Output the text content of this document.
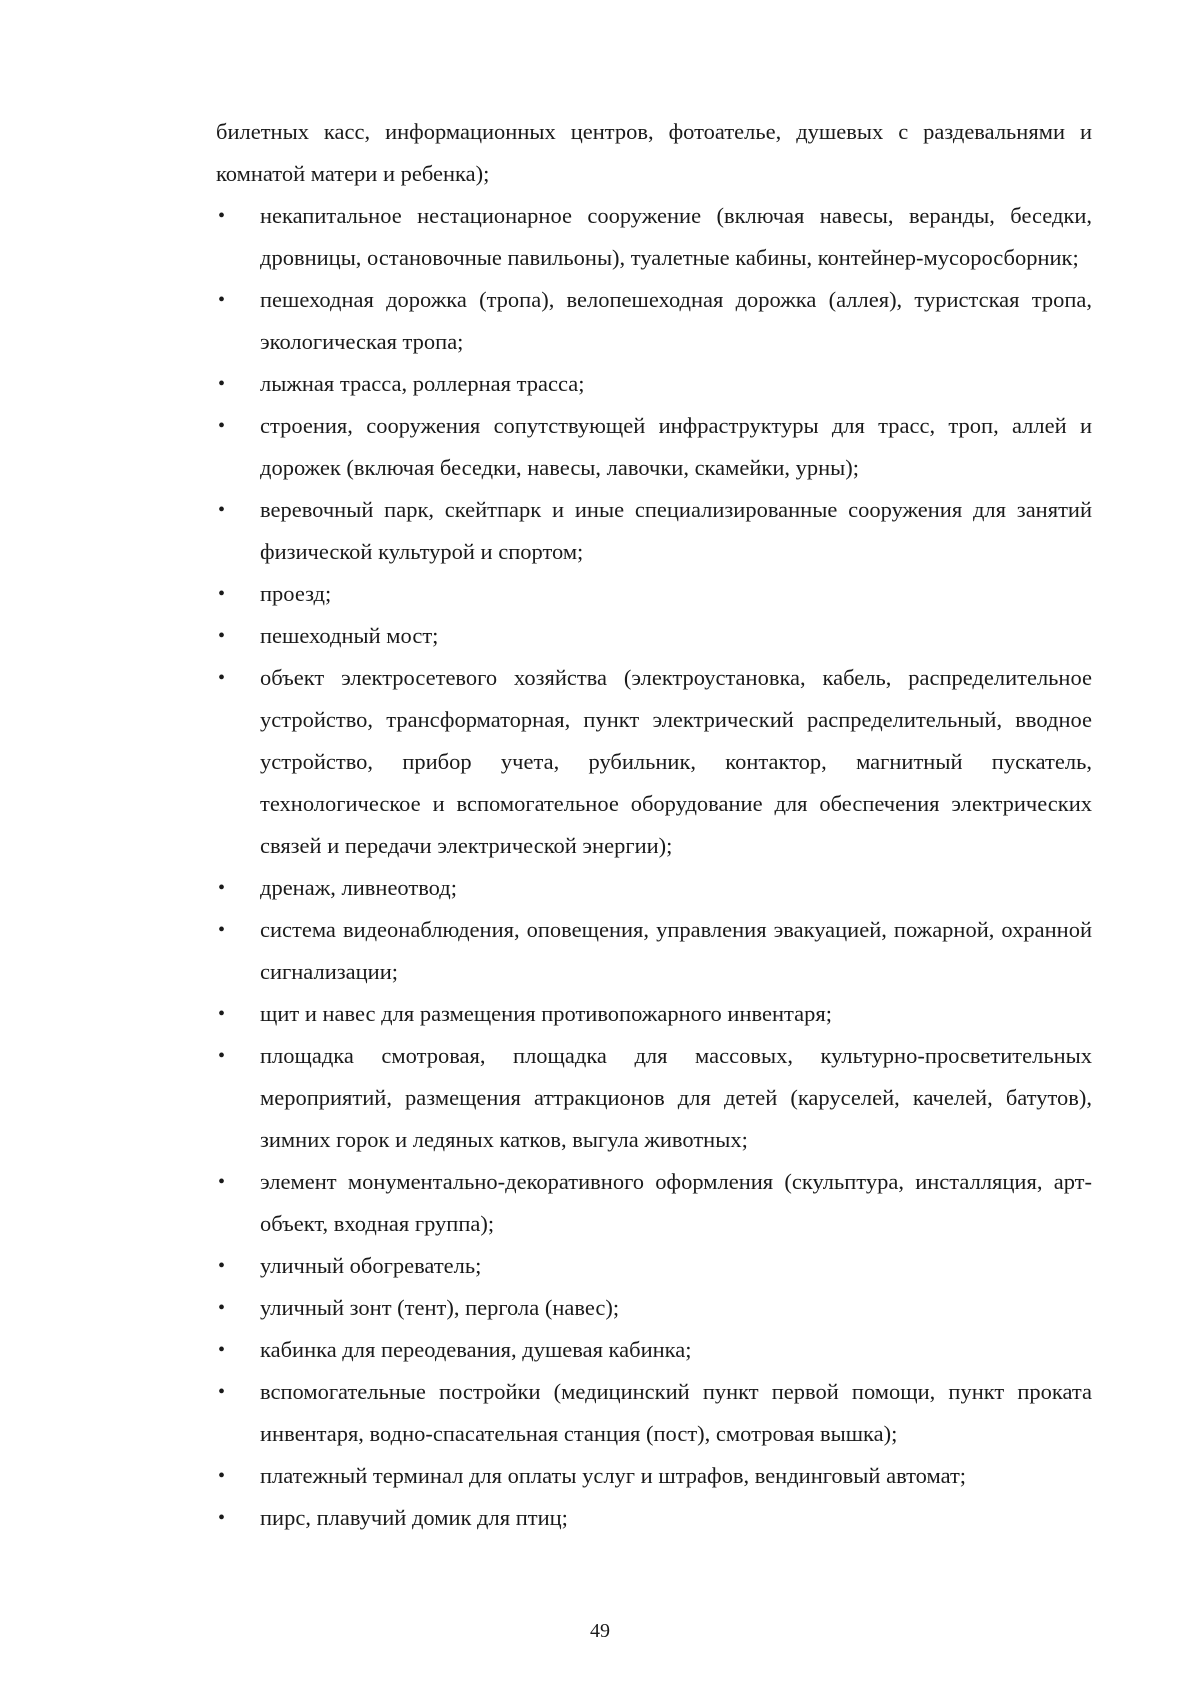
билетных касс, информационных центров, фотоателье, душевых с раздевальнями и комнатой матери и ребенка);

•	некапитальное нестационарное сооружение (включая навесы, веранды, беседки, дровницы, остановочные павильоны), туалетные кабины, контейнер-мусоросборник;
•	пешеходная дорожка (тропа), велопешеходная дорожка (аллея), туристская тропа, экологическая тропа;
•	лыжная трасса, роллерная трасса;
•	строения, сооружения сопутствующей инфраструктуры для трасс, троп, аллей и дорожек (включая беседки, навесы, лавочки, скамейки, урны);
•	веревочный парк, скейтпарк и иные специализированные сооружения для занятий физической культурой и спортом;
•	проезд;
•	пешеходный мост;
•	объект электросетевого хозяйства (электроустановка, кабель, распределительное устройство, трансформаторная, пункт электрический распределительный, вводное устройство, прибор учета, рубильник, контактор, магнитный пускатель, технологическое и вспомогательное оборудование для обеспечения электрических связей и передачи электрической энергии);
•	дренаж, ливнеотвод;
•	система видеонаблюдения, оповещения, управления эвакуацией, пожарной, охранной сигнализации;
•	щит и навес для размещения противопожарного инвентаря;
•	площадка смотровая, площадка для массовых, культурно-просветительных мероприятий, размещения аттракционов для детей (каруселей, качелей, батутов), зимних горок и ледяных катков, выгула животных;
•	элемент монументально-декоративного оформления (скульптура, инсталляция, арт-объект, входная группа);
•	уличный обогреватель;
•	уличный зонт (тент), пергола (навес);
•	кабинка для переодевания, душевая кабинка;
•	вспомогательные постройки (медицинский пункт первой помощи, пункт проката инвентаря, водно-спасательная станция (пост), смотровая вышка);
•	платежный терминал для оплаты услуг и штрафов, вендинговый автомат;
•	пирс, плавучий домик для птиц;
49
